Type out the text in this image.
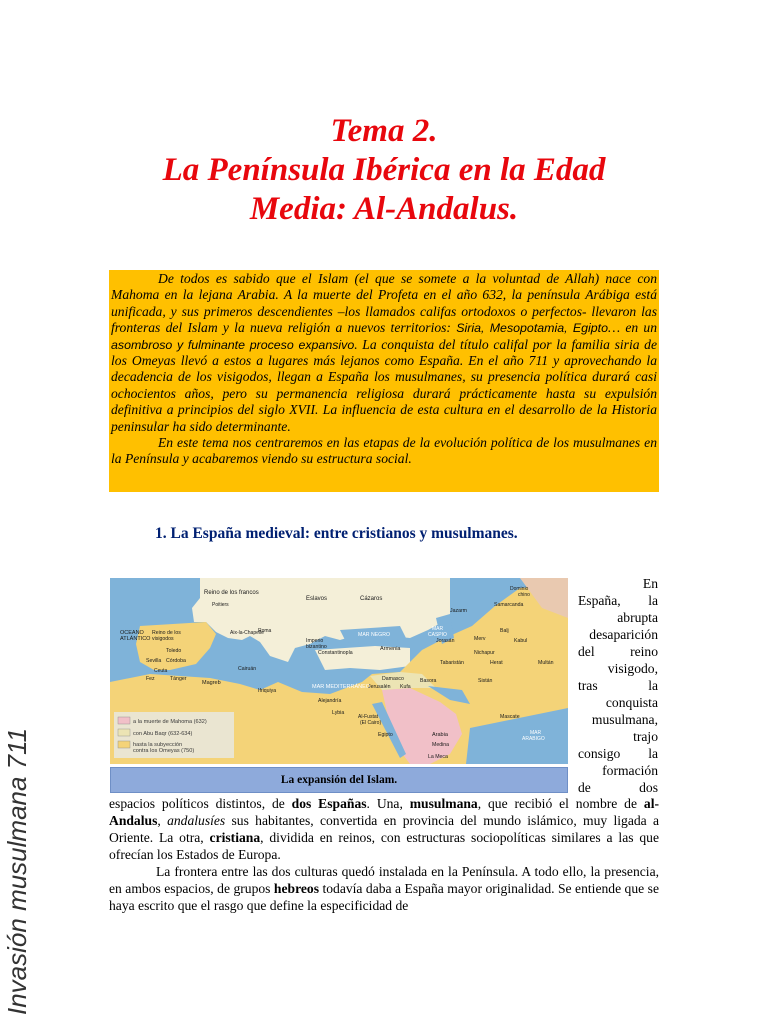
Tema 2.
La Península Ibérica en la Edad
Media: Al-Andalus.

De todos es sabido que el Islam (el que se somete a la voluntad de Allah) nace con Mahoma en la lejana Arabia. A la muerte del Profeta en el año 632, la península Arábiga está unificada, y sus primeros descendientes –los llamados califas ortodoxos o perfectos- llevaron las fronteras del Islam y la nueva religión a nuevos territorios: Siria, Mesopotamia, Egipto… en un asombroso y fulminante proceso expansivo. La conquista del título califal por la familia siria de los Omeyas llevó a estos a lugares más lejanos como España. En el año 711 y aprovechando la decadencia de los visigodos, llegan a España los musulmanes, su presencia política durará casi ochocientos años, pero su permanencia religiosa durará prácticamente hasta su expulsión definitiva a principios del siglo XVII. La influencia de esta cultura en el desarrollo de la Historia peninsular ha sido determinante.

En este tema nos centraremos en las etapas de la evolución política de los musulmanes en la Península y acabaremos viendo su estructura social.

1. La España medieval: entre cristianos y musulmanes.
a la muerte de Mahoma (632)
con Abu Baqr (632-634)
hasta la subyección
contra los Omeyas (750)
OCEANO
ATLÁNTICO
Reino de los francos
Poitiers
Eslavos	Cázaros
Dominio
chino
Samarcanda
Jazarm
Reino de los
visigodos
Aix-la-Chapelle
Roma
Imperio
bizantino
Constantinopla
MAR NEGRO
MAR
CASPIO
Jorasán
Balj
Merv	Kabul
Nichapur
Herat	Multán
Tabaristán
Armenia
Toledo
Sevilla Córdoba
Ceuta	Cairuán
MAR MEDITERRÁNEO
Damasco
Jerusalén
Basora
Kufa
Sistán
Fez	Tánger
Magreb
Ifriquiya
Alejandría
Lybia
Al-Fustat
(El Cairo)
Egipto	Arabia
Medina
La Meca
Mascate
MAR
ARABIGO
La expansión del Islam.
En
España, la
abrupta
desaparición
del	reino
visigodo,
tras	la
conquista
musulmana,
trajo
consigo la
formación
de	dos

espacios políticos distintos, de dos Españas. Una, musulmana, que recibió el nombre de al-Andalus, andalusíes sus habitantes, convertida en provincia del mundo islámico, muy ligada a Oriente. La otra, cristiana, dividida en reinos, con estructuras sociopolíticas similares a las que ofrecían los Estados de Europa.

La frontera entre las dos culturas quedó instalada en la Península. A todo ello, la presencia, en ambos espacios, de grupos hebreos todavía daba a España mayor originalidad. Se entiende que se haya escrito que el rasgo que define la especificidad de

Invasión musulmana 711
